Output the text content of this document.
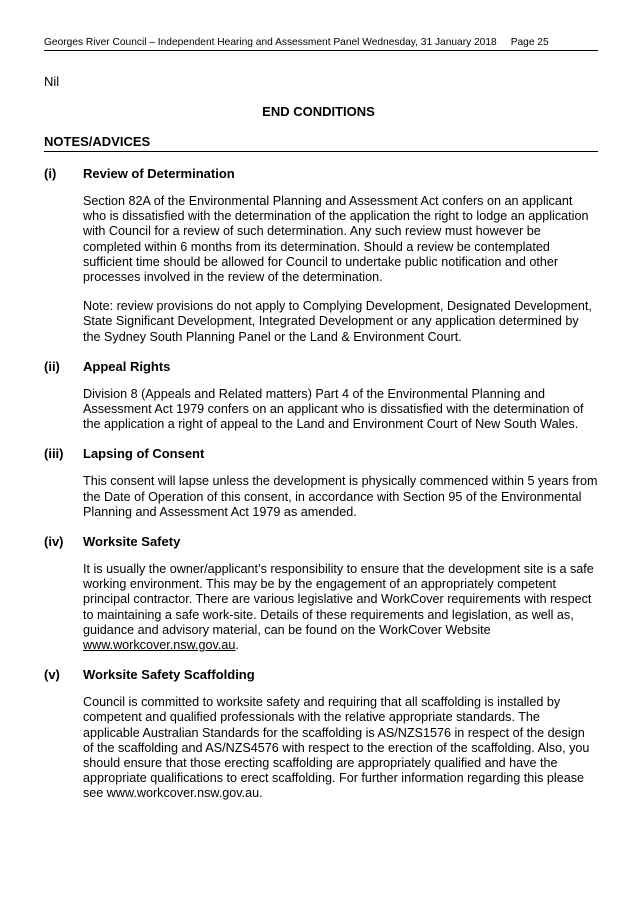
Georges River Council – Independent Hearing and Assessment Panel Wednesday, 31 January 2018 Page 25
Nil
END CONDITIONS
NOTES/ADVICES
(i)	Review of Determination

Section 82A of the Environmental Planning and Assessment Act confers on an applicant who is dissatisfied with the determination of the application the right to lodge an application with Council for a review of such determination. Any such review must however be completed within 6 months from its determination. Should a review be contemplated sufficient time should be allowed for Council to undertake public notification and other processes involved in the review of the determination.

Note: review provisions do not apply to Complying Development, Designated Development, State Significant Development, Integrated Development or any application determined by the Sydney South Planning Panel or the Land & Environment Court.

(ii)	Appeal Rights

Division 8 (Appeals and Related matters) Part 4 of the Environmental Planning and Assessment Act 1979 confers on an applicant who is dissatisfied with the determination of the application a right of appeal to the Land and Environment Court of New South Wales.

(iii)	Lapsing of Consent

This consent will lapse unless the development is physically commenced within 5 years from the Date of Operation of this consent, in accordance with Section 95 of the Environmental Planning and Assessment Act 1979 as amended.

(iv)	Worksite Safety

It is usually the owner/applicant’s responsibility to ensure that the development site is a safe working environment. This may be by the engagement of an appropriately competent principal contractor. There are various legislative and WorkCover requirements with respect to maintaining a safe work-site. Details of these requirements and legislation, as well as, guidance and advisory material, can be found on the WorkCover Website www.workcover.nsw.gov.au.

(v)	Worksite Safety Scaffolding

Council is committed to worksite safety and requiring that all scaffolding is installed by competent and qualified professionals with the relative appropriate standards. The applicable Australian Standards for the scaffolding is AS/NZS1576 in respect of the design of the scaffolding and AS/NZS4576 with respect to the erection of the scaffolding. Also, you should ensure that those erecting scaffolding are appropriately qualified and have the appropriate qualifications to erect scaffolding. For further information regarding this please see www.workcover.nsw.gov.au.
